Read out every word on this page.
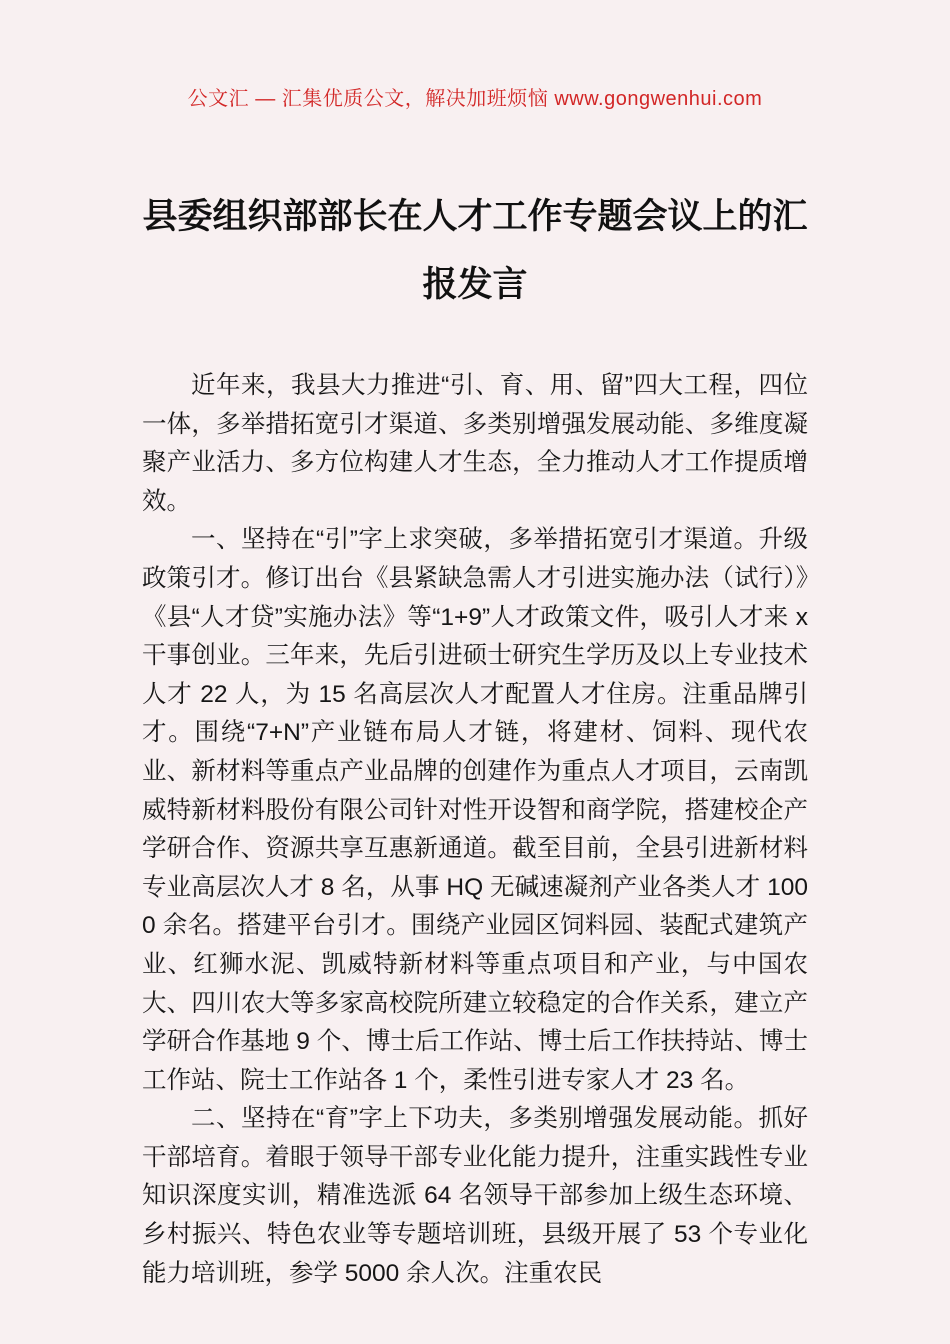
公文汇 — 汇集优质公文，解决加班烦恼 www.gongwenhui.com
县委组织部部长在人才工作专题会议上的汇报发言

近年来，我县大力推进“引、育、用、留”四大工程，四位一体，多举措拓宽引才渠道、多类别增强发展动能、多维度凝聚产业活力、多方位构建人才生态，全力推动人才工作提质增效。

一、坚持在“引”字上求突破，多举措拓宽引才渠道。升级政策引才。修订出台《县紧缺急需人才引进实施办法（试行）》《县“人才贷”实施办法》等“1+9”人才政策文件，吸引人才来 x 干事创业。三年来，先后引进硕士研究生学历及以上专业技术人才 22 人，为 15 名高层次人才配置人才住房。注重品牌引才。围绕“7+N”产业链布局人才链，将建材、饲料、现代农业、新材料等重点产业品牌的创建作为重点人才项目，云南凯威特新材料股份有限公司针对性开设智和商学院，搭建校企产学研合作、资源共享互惠新通道。截至目前，全县引进新材料专业高层次人才 8 名，从事 HQ 无碱速凝剂产业各类人才 1000 余名。搭建平台引才。围绕产业园区饲料园、装配式建筑产业、红狮水泥、凯威特新材料等重点项目和产业，与中国农大、四川农大等多家高校院所建立较稳定的合作关系，建立产学研合作基地 9 个、博士后工作站、博士后工作扶持站、博士工作站、院士工作站各 1 个，柔性引进专家人才 23 名。

二、坚持在“育”字上下功夫，多类别增强发展动能。抓好干部培育。着眼于领导干部专业化能力提升，注重实践性专业知识深度实训，精准选派 64 名领导干部参加上级生态环境、乡村振兴、特色农业等专题培训班，县级开展了 53 个专业化能力培训班，参学 5000 余人次。注重农民
